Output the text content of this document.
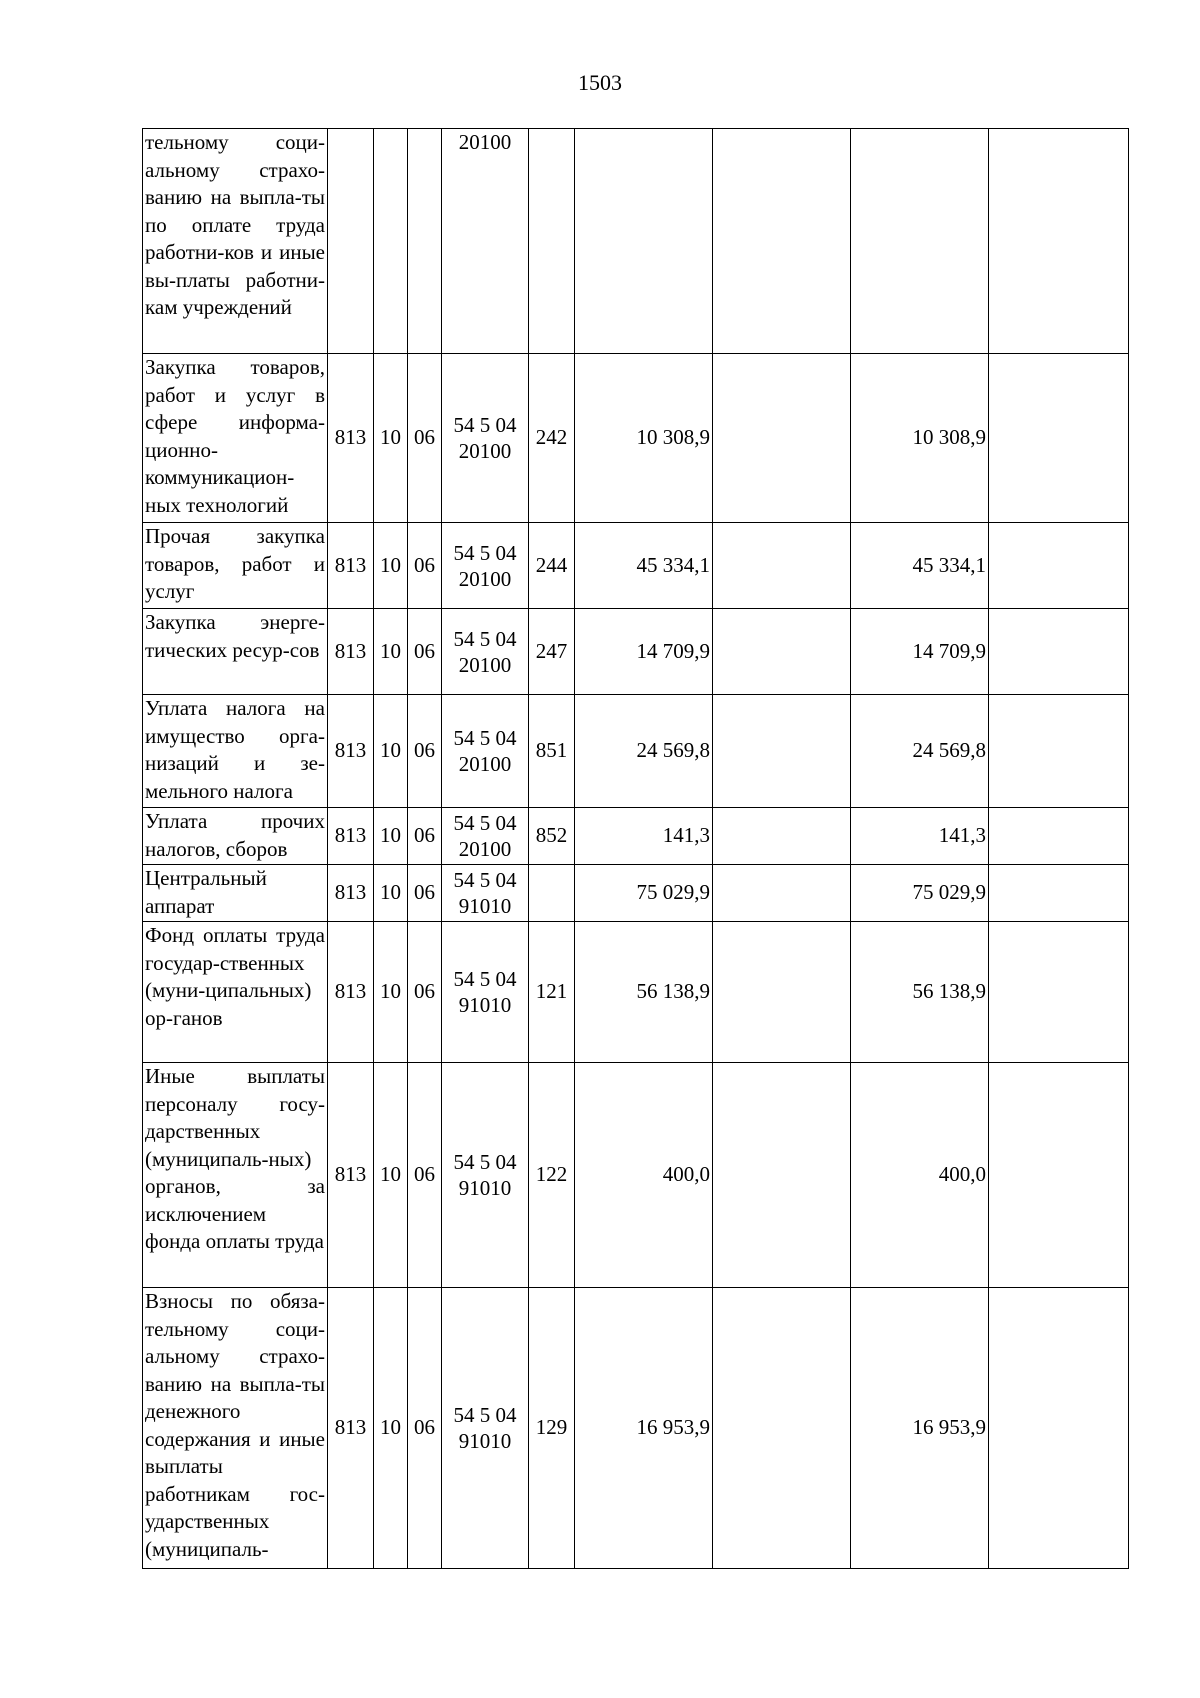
1503
тельному соци-альному страхо-ванию на выпла-ты по оплате труда работни-ков и иные вы-платы работни-кам учреждений				20100					
Закупка товаров, работ и услуг в сфере информа-ционно-коммуникацион-ных технологий	813	10	06	54 5 04 20100	242	10 308,9		10 308,9	
Прочая закупка товаров, работ и услуг	813	10	06	54 5 04 20100	244	45 334,1		45 334,1	
Закупка энерге-тических ресур-сов	813	10	06	54 5 04 20100	247	14 709,9		14 709,9	
Уплата налога на имущество орга-низаций и зе-мельного налога	813	10	06	54 5 04 20100	851	24 569,8		24 569,8	
Уплата прочих налогов, сборов	813	10	06	54 5 04 20100	852	141,3		141,3	
Центральный аппарат	813	10	06	54 5 04 91010		75 029,9		75 029,9	
Фонд оплаты труда государ-ственных (муни-ципальных) ор-ганов	813	10	06	54 5 04 91010	121	56 138,9		56 138,9	
Иные выплаты персоналу госу-дарственных (муниципаль-ных) органов, за исключением фонда оплаты труда	813	10	06	54 5 04 91010	122	400,0		400,0	
Взносы по обяза-тельному соци-альному страхо-ванию на выпла-ты денежного содержания и иные выплаты работникам гос-ударственных (муниципаль-	813	10	06	54 5 04 91010	129	16 953,9		16 953,9	
